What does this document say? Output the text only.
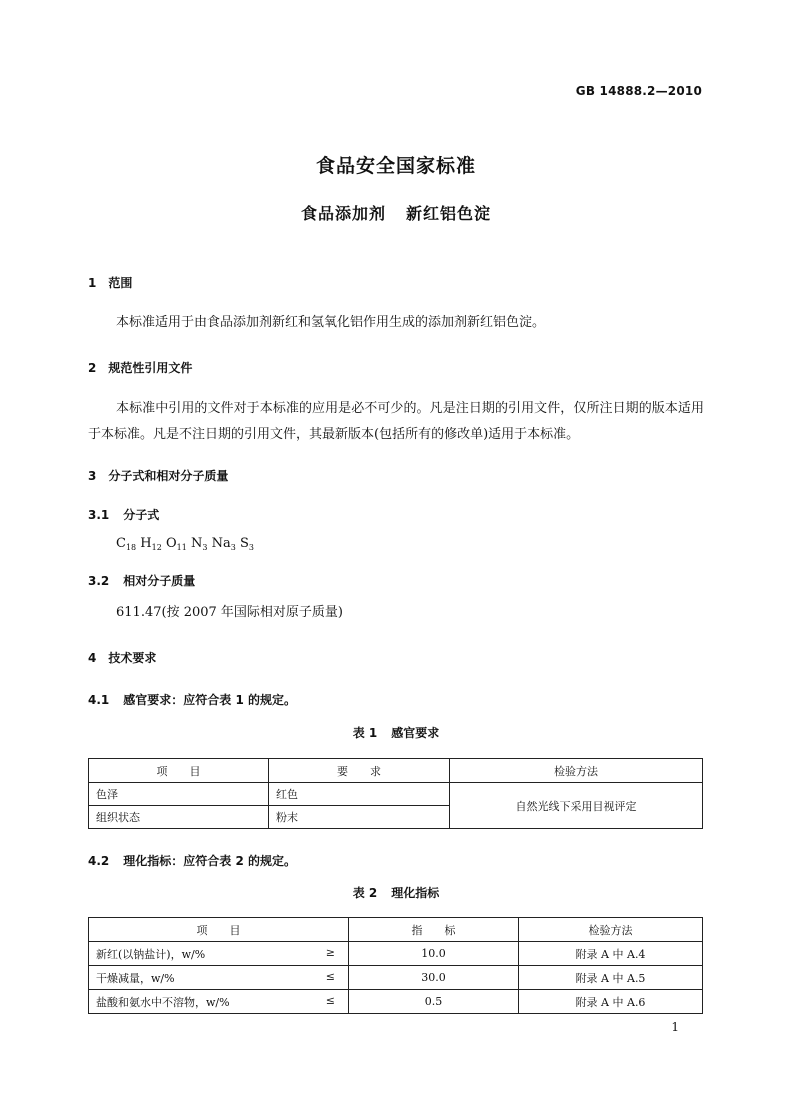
GB 14888.2—2010
食品安全国家标准
食品添加剂 新红铝色淀
1 范围
本标准适用于由食品添加剂新红和氢氧化铝作用生成的添加剂新红铝色淀。
2 规范性引用文件
本标准中引用的文件对于本标准的应用是必不可少的。凡是注日期的引用文件，仅所注日期的版本适用于本标准。凡是不注日期的引用文件，其最新版本(包括所有的修改单)适用于本标准。
3 分子式和相对分子质量
3.1 分子式
$C_{18}$ $H_{12}$ $O_{11}$ $N_3$ $Na_3$ $S_3$
3.2 相对分子质量
611.47(按 2007 年国际相对原子质量)
4 技术要求
4.1 感官要求：应符合表 1 的规定。
表 1 感官要求
项　　目	要　　求	检验方法
色泽	红色	自然光线下采用目视评定
组织状态	粉末	
4.2 理化指标：应符合表 2 的规定。
表 2 理化指标
项　　目	指　　标	检验方法

新红(以钠盐计)，w/% ≥	10.0	附录 A 中 A.4

干燥减量，w/% ≤	30.0	附录 A 中 A.5

盐酸和氨水中不溶物，w/% ≤	0.5	附录 A 中 A.6
1
